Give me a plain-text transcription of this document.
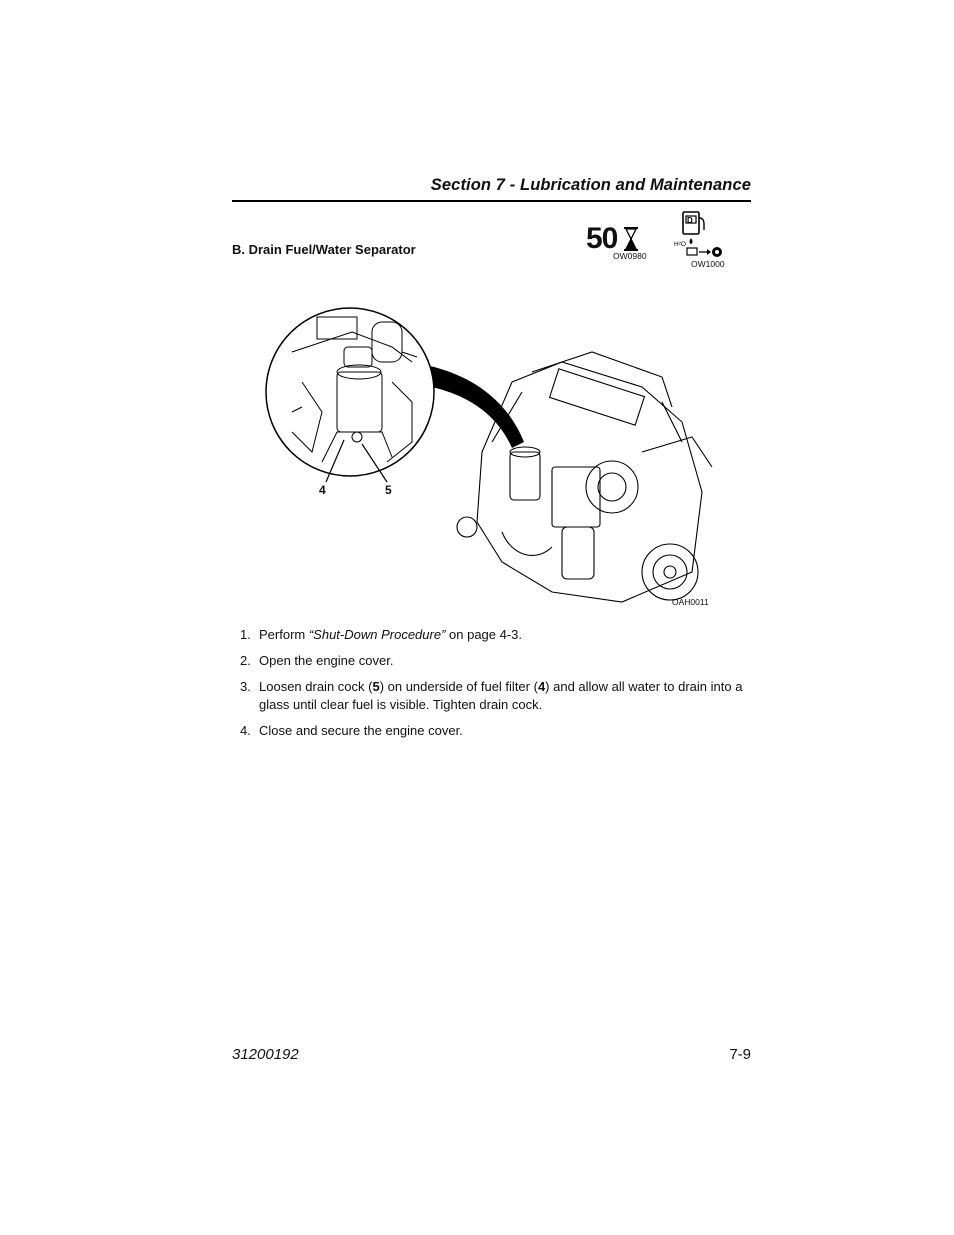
Section 7 - Lubrication and Maintenance
B. Drain Fuel/Water Separator	50
OW0980
D
H²O
OW1000
4	5
OAH0011
1. Perform “Shut-Down Procedure” on page 4-3.
2. Open the engine cover.
3. Loosen drain cock (5) on underside of fuel filter (4) and allow all water to drain into a glass until clear fuel is visible. Tighten drain cock.
4. Close and secure the engine cover.
31200192	7-9
